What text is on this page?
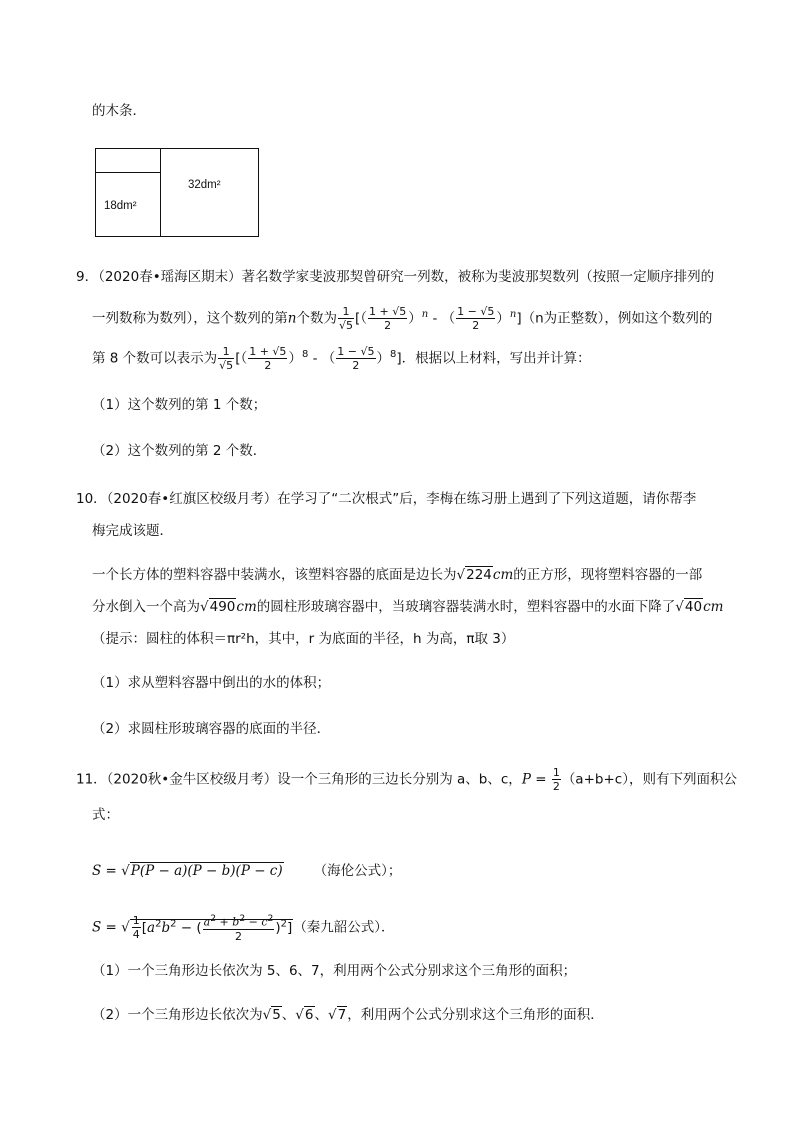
的木条．
18dm²
32dm²
9．（2020春•瑶海区期末）著名数学家斐波那契曾研究一列数，被称为斐波那契数列（按照一定顺序排列的
一列数称为数列），这个数列的第n个数为 $\frac{1}{√5}$ [（ $\frac{1 + √5}{2} )^n$ - （ $\frac{1 - √5}{2} )^n](n$为正整数），例如这个数列的
第 8 个数可以表示为 $\frac{1}{√5}$ [（ $\frac{1 + √5}{2} )^8$ - （ $\frac{1 - √5}{2} )^8$]．根据以上材料，写出并计算：
（1）这个数列的第 1 个数；
（2）这个数列的第 2 个数．
10．（2020春•红旗区校级月考）在学习了“二次根式”后，李梅在练习册上遇到了下列这道题，请你帮李
梅完成该题．
一个长方体的塑料容器中装满水，该塑料容器的底面是边长为√224cm的正方形，现将塑料容器的一部
分水倒入一个高为√490cm的圆柱形玻璃容器中，当玻璃容器装满水时，塑料容器中的水面下降了√40cm
（提示：圆柱的体积＝πr²h，其中，r 为底面的半径，h 为高，π取 3）
（1）求从塑料容器中倒出的水的体积；
（2）求圆柱形玻璃容器的底面的半径．
11．（2020秋•金牛区校级月考）设一个三角形的三边长分别为 a、b、c，$P = \frac{1}{2} (a+b+c)$，则有下列面积公
式：
S = √P(P − a)(P − b)(P − c) （海伦公式）；
S = √ $\frac{1}{4} [a^2b^2$ − ( $\frac{a^2 + b^2 - c^2}{2} )^2$]（秦九韶公式）．
（1）一个三角形边长依次为 5、6、7，利用两个公式分别求这个三角形的面积；
（2）一个三角形边长依次为√5、√6、√7，利用两个公式分别求这个三角形的面积．
